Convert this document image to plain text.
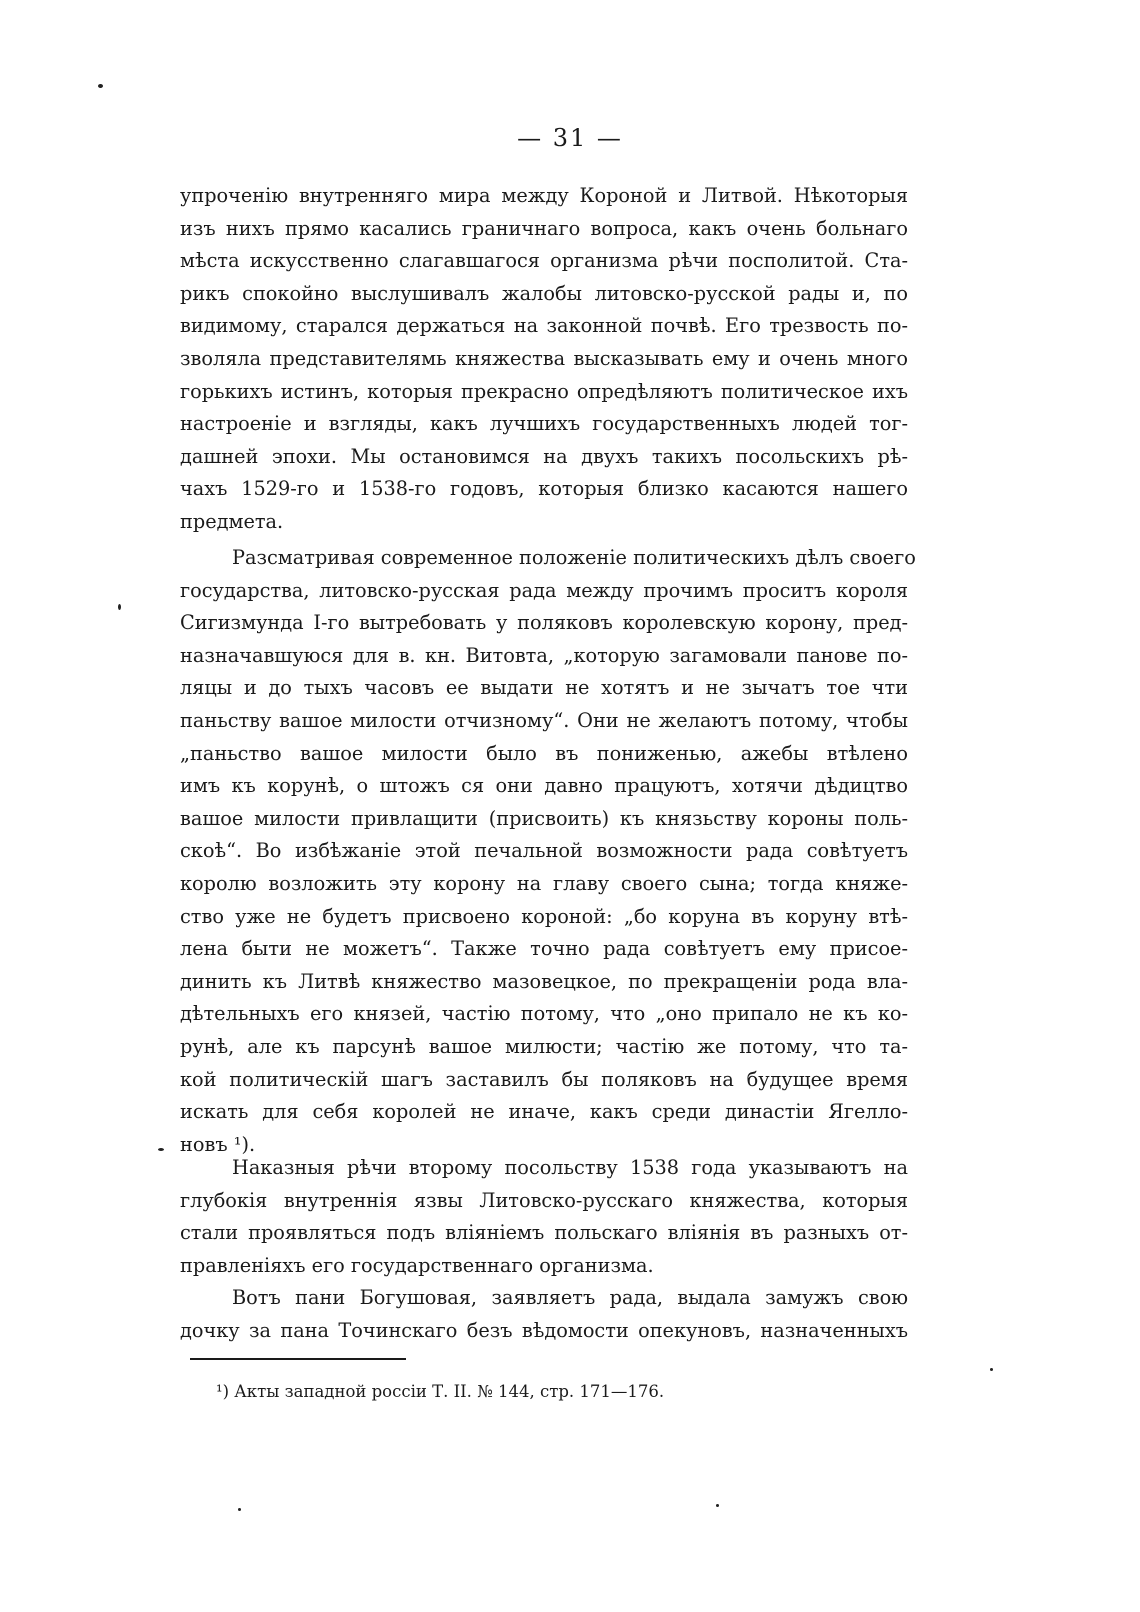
— 31 —
упроченію внутренняго мира между Короной и Литвой. Нѣкоторыя
изъ нихъ прямо касались граничнаго вопроса, какъ очень больнаго
мѣста искусственно слагавшагося организма рѣчи посполитой. Ста-
рикъ спокойно выслушивалъ жалобы литовско-русской рады и, по
видимому, старался держаться на законной почвѣ. Его трезвость по-
зволяла представителямь княжества высказывать ему и очень много
горькихъ истинъ, которыя прекрасно опредѣляютъ политическое ихъ
настроеніе и взгляды, какъ лучшихъ государственныхъ людей тог-
дашней эпохи. Мы остановимся на двухъ такихъ посольскихъ рѣ-
чахъ 1529-го и 1538-го годовъ, которыя близко касаются нашего
предмета.
Разсматривая современное положеніе политическихъ дѣлъ своего
государства, литовско-русская рада между прочимъ проситъ короля
Сигизмунда I-го вытребовать у поляковъ королевскую корону, пред-
назначавшуюся для в. кн. Витовта, „которую загамовали панове по-
ляцы и до тыхъ часовъ ее выдати не хотятъ и не зычатъ тое чти
паньству вашое милости отчизному“. Они не желаютъ потому, чтобы
„паньство вашое милости было въ пониженью, ажебы втѣлено
имъ къ корунѣ, о штожъ ся они давно працуютъ, хотячи дѣдицтво
вашое милости привлащити (присвоить) къ князьству короны поль-
скоѣ“. Во избѣжаніе этой печальной возможности рада совѣтуетъ
королю возложить эту корону на главу своего сына; тогда княже-
ство уже не будетъ присвоено короной: „бо коруна въ коруну втѣ-
лена быти не можетъ“. Также точно рада совѣтуетъ ему присое-
динить къ Литвѣ княжество мазовецкое, по прекращеніи рода вла-
дѣтельныхъ его князей, частію потому, что „оно припало не къ ко-
рунѣ, але къ парсунѣ вашое милюсти; частію же потому, что та-
кой политическій шагъ заставилъ бы поляковъ на будущее время
искать для себя королей не иначе, какъ среди династіи Ягелло-
новъ ¹).
Наказныя рѣчи второму посольству 1538 года указываютъ на
глубокія внутреннія язвы Литовско-русскаго княжества, которыя
стали проявляться подъ вліяніемъ польскаго вліянія въ разныхъ от-
правленіяхъ его государственнаго организма.
Вотъ пани Богушовая, заявляетъ рада, выдала замужъ свою
дочку за пана Точинскаго безъ вѣдомости опекуновъ, назначенныхъ
¹) Акты западной россіи Т. II. № 144, стр. 171—176.
